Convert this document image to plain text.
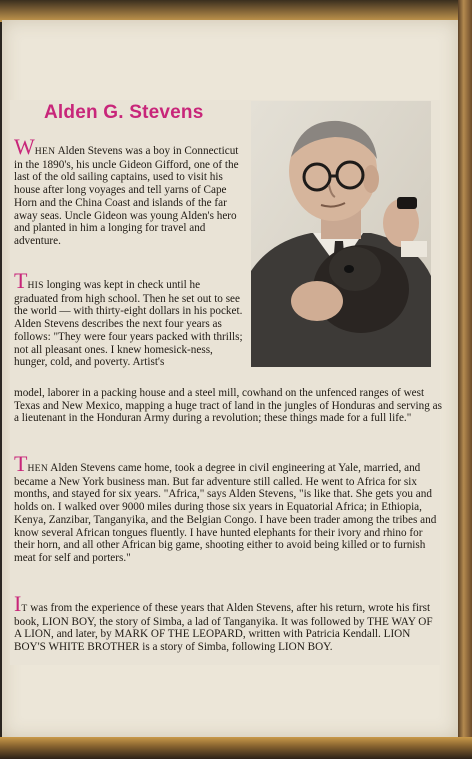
Alden G. Stevens

WHEN Alden Stevens was a boy in Connecticut in the 1890's, his uncle Gideon Gifford, one of the last of the old sailing captains, used to visit his house after long voyages and tell yarns of Cape Horn and the China Coast and islands of the far away seas. Uncle Gideon was young Alden's hero and planted in him a longing for travel and adventure.

THIS longing was kept in check until he graduated from high school. Then he set out to see the world — with thirty-eight dollars in his pocket. Alden Stevens describes the next four years as follows: "They were four years packed with thrills; not all pleasant ones. I knew homesick-ness, hunger, cold, and poverty. Artist's

model, laborer in a packing house and a steel mill, cowhand on the unfenced ranges of west Texas and New Mexico, mapping a huge tract of land in the jungles of Honduras and serving as a lieutenant in the Honduran Army during a revolution; these things made for a full life."

THEN Alden Stevens came home, took a degree in civil engineering at Yale, married, and became a New York business man. But far adventure still called. He went to Africa for six months, and stayed for six years. "Africa," says Alden Stevens, "is like that. She gets you and holds on. I walked over 9000 miles during those six years in Equatorial Africa; in Ethiopia, Kenya, Zanzibar, Tanganyika, and the Belgian Congo. I have been trader among the tribes and know several African tongues fluently. I have hunted elephants for their ivory and rhino for their horn, and all other African big game, shooting either to avoid being killed or to furnish meat for self and porters."

IT was from the experience of these years that Alden Stevens, after his return, wrote his first book, LION BOY, the story of Simba, a lad of Tanganyika. It was followed by THE WAY OF A LION, and later, by MARK OF THE LEOPARD, written with Patricia Kendall. LION BOY'S WHITE BROTHER is a story of Simba, following LION BOY.
